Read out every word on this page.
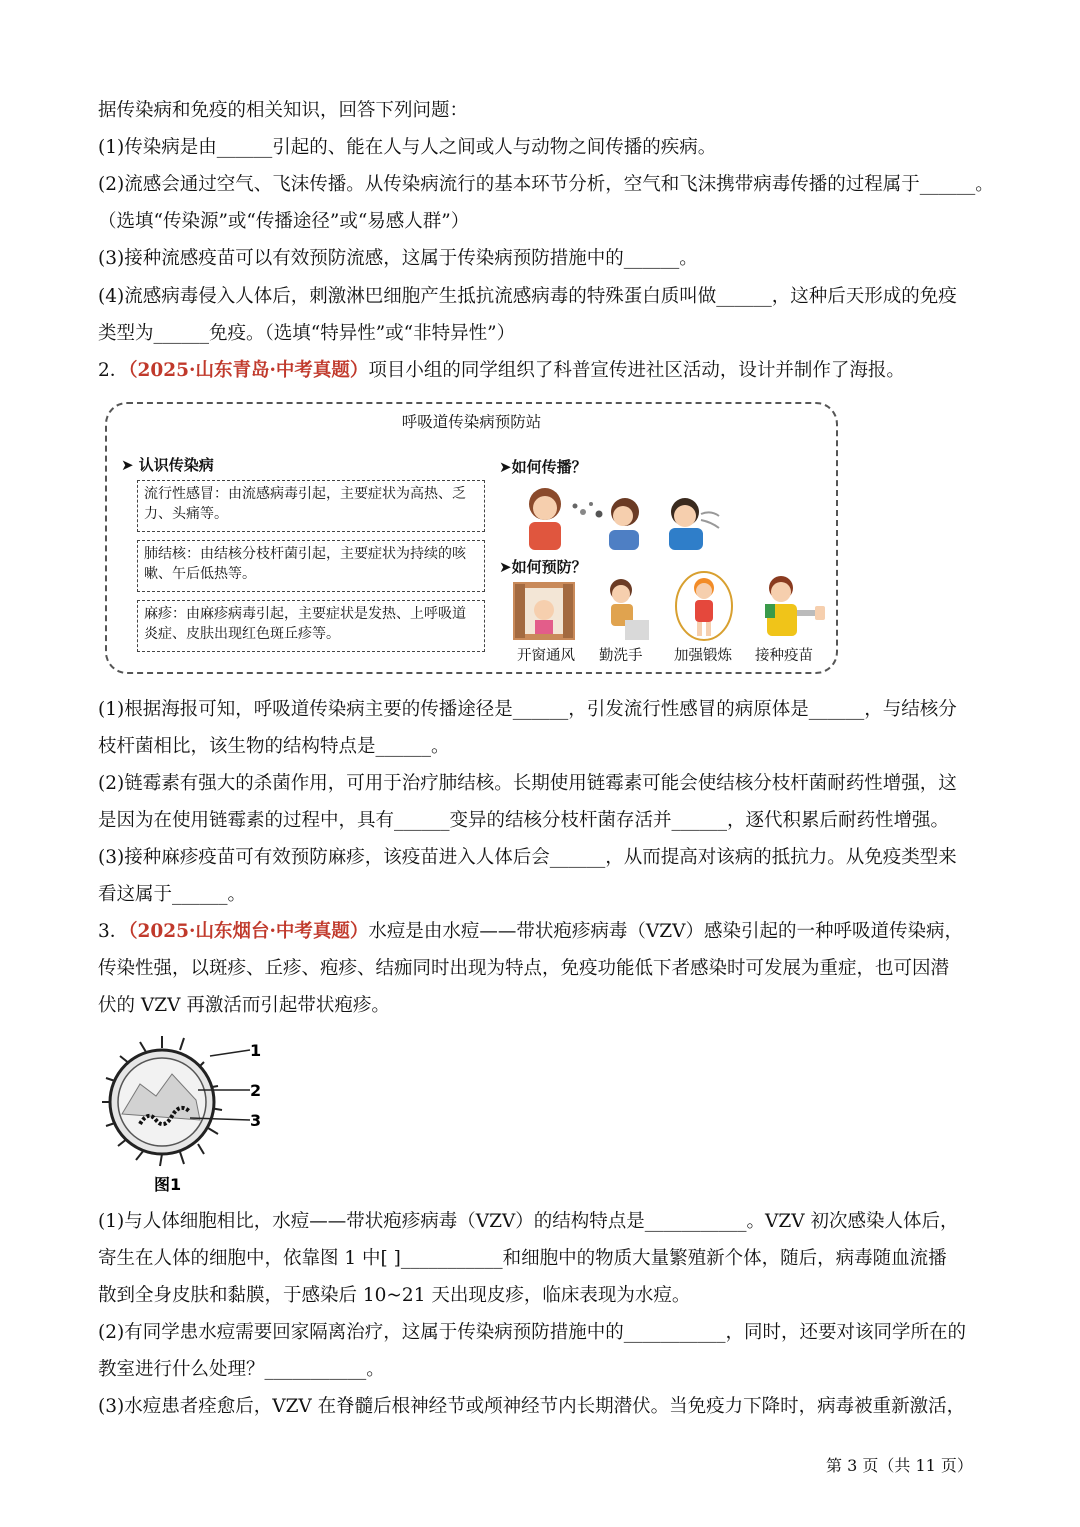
据传染病和免疫的相关知识，回答下列问题：
(1)传染病是由______引起的、能在人与人之间或人与动物之间传播的疾病。
(2)流感会通过空气、飞沫传播。从传染病流行的基本环节分析，空气和飞沫携带病毒传播的过程属于______。
（选填“传染源”或“传播途径”或“易感人群”）
(3)接种流感疫苗可以有效预防流感，这属于传染病预防措施中的______。
(4)流感病毒侵入人体后，刺激淋巴细胞产生抵抗流感病毒的特殊蛋白质叫做______，这种后天形成的免疫
类型为______免疫。（选填“特异性”或“非特异性”）
2．（2025·山东青岛·中考真题）项目小组的同学组织了科普宣传进社区活动，设计并制作了海报。
呼吸道传染病预防站
➤ 认识传染病
流行性感冒：由流感病毒引起，主要症状为高热、乏力、头痛等。
肺结核：由结核分枝杆菌引起，主要症状为持续的咳嗽、午后低热等。
麻疹：由麻疹病毒引起，主要症状是发热、上呼吸道炎症、皮肤出现红色斑丘疹等。
➤如何传播？
➤如何预防？
开窗通风 勤洗手 加强锻炼 接种疫苗
(1)根据海报可知，呼吸道传染病主要的传播途径是______，引发流行性感冒的病原体是______，与结核分
枝杆菌相比，该生物的结构特点是______。
(2)链霉素有强大的杀菌作用，可用于治疗肺结核。长期使用链霉素可能会使结核分枝杆菌耐药性增强，这
是因为在使用链霉素的过程中，具有______变异的结核分枝杆菌存活并______，逐代积累后耐药性增强。
(3)接种麻疹疫苗可有效预防麻疹，该疫苗进入人体后会______，从而提高对该病的抵抗力。从免疫类型来
看这属于______。
3．（2025·山东烟台·中考真题）水痘是由水痘——带状疱疹病毒（VZV）感染引起的一种呼吸道传染病，
传染性强，以斑疹、丘疹、疱疹、结痂同时出现为特点，免疫功能低下者感染时可发展为重症，也可因潜
伏的 VZV 再激活而引起带状疱疹。
1
2
3
图1
(1)与人体细胞相比，水痘——带状疱疹病毒（VZV）的结构特点是___________。VZV 初次感染人体后，
寄生在人体的细胞中，依靠图 1 中[ ]___________和细胞中的物质大量繁殖新个体，随后，病毒随血流播
散到全身皮肤和黏膜，于感染后 10~21 天出现皮疹，临床表现为水痘。
(2)有同学患水痘需要回家隔离治疗，这属于传染病预防措施中的___________，同时，还要对该同学所在的
教室进行什么处理？___________。
(3)水痘患者痊愈后，VZV 在脊髓后根神经节或颅神经节内长期潜伏。当免疫力下降时，病毒被重新激活，
第 3 页（共 11 页）
